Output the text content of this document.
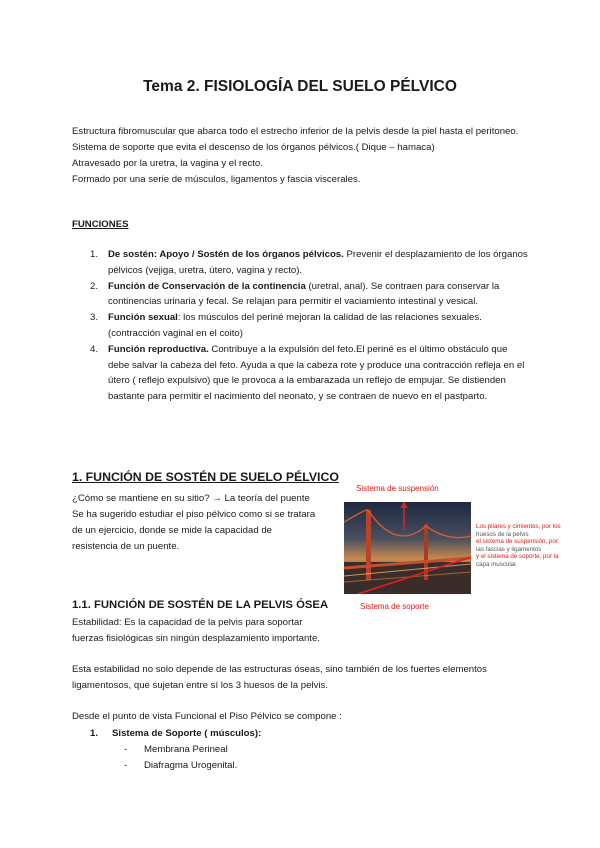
Tema 2. FISIOLOGÍA DEL SUELO PÉLVICO

Estructura fibromuscular que abarca todo el estrecho inferior de la pelvis desde la piel hasta el peritoneo.

Sistema de soporte que evita el descenso de los órganos pélvicos.( Dique – hamaca)

Atravesado por la uretra, la vagina y el recto.

Formado por una serie de músculos, ligamentos y fascia viscerales.

FUNCIONES
1. De sostén: Apoyo / Sostén de los órganos pélvicos. Prevenir el desplazamiento de los órganos pélvicos (vejiga, uretra, útero, vagina y recto).
2. Función de Conservación de la continencia (uretral, anal). Se contraen para conservar la continencias urinaria y fecal. Se relajan para permitir el vaciamiento intestinal y vesical.
3. Función sexual: los músculos del periné mejoran la calidad de las relaciones sexuales. (contracción vaginal en el coito)
4. Función reproductiva. Contribuye a la expulsión del feto.El periné es el último obstáculo que debe salvar la cabeza del feto. Ayuda a que la cabeza rote y produce una contracción refleja en el útero ( reflejo expulsivo) que le provoca a la embarazada un reflejo de empujar. Se distienden bastante para permitir el nacimiento del neonato, y se contraen de nuevo en el pastparto.
1. FUNCIÓN DE SOSTÉN DE SUELO PÉLVICO

¿Cómo se mantiene en su sitio? → La teoría del puente

Se ha sugerido estudiar el piso pélvico como si se tratara

de un ejercicio, donde se mide la capacidad de

resistencia de un puente.

Sistema de suspensión
Los pilares y cimientos, por los
huesos de la pelvis
el sistema de suspensión, por
las fascias y ligamentos
y el sistema de soporte, por la
capa muscular.
Sistema de soporte
1.1. FUNCIÓN DE SOSTÉN DE LA PELVIS ÓSEA

Estabilidad: Es la capacidad de la pelvis para soportar

fuerzas fisiológicas sin ningún desplazamiento importante.

Esta estabilidad no solo depende de las estructuras óseas, sino también de los fuertes elementos ligamentosos, que sujetan entre sí los 3 huesos de la pelvis.

Desde el punto de vista Funcional el Piso Pélvico se compone :

1. Sistema de Soporte ( músculos):
- Membrana Perineal
- Diafragma Urogenital.
